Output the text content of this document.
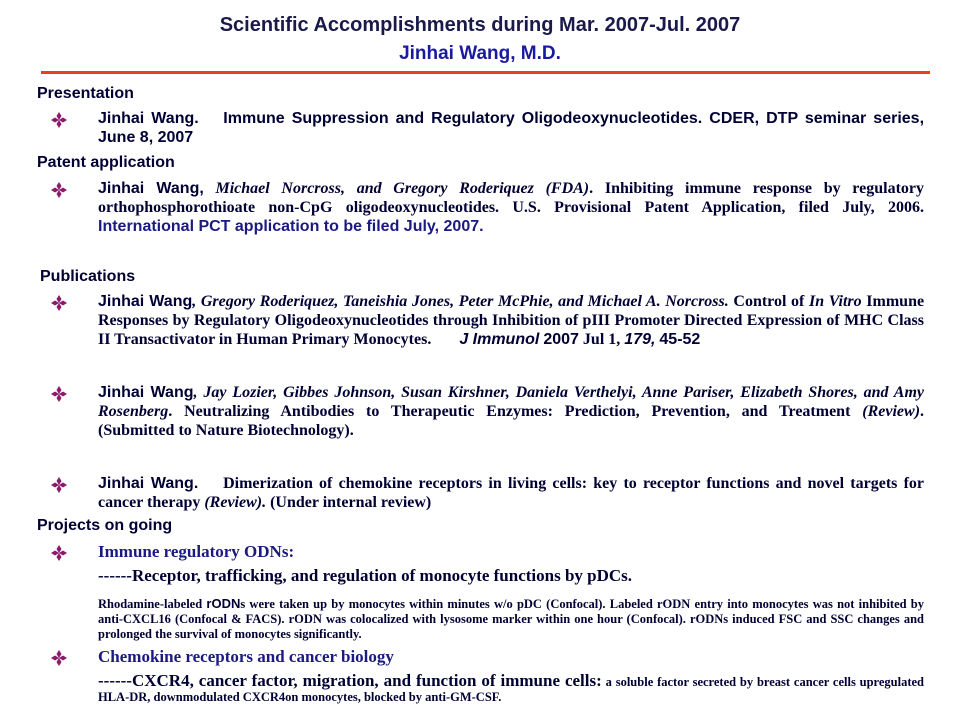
Scientific Accomplishments during Mar. 2007-Jul. 2007
Jinhai Wang, M.D.
Presentation
Jinhai Wang. Immune Suppression and Regulatory Oligodeoxynucleotides. CDER, DTP seminar series, June 8, 2007
Patent application
Jinhai Wang, Michael Norcross, and Gregory Roderiquez (FDA). Inhibiting immune response by regulatory orthophosphorothioate non-CpG oligodeoxynucleotides. U.S. Provisional Patent Application, filed July, 2006. International PCT application to be filed July, 2007.
Publications
Jinhai Wang, Gregory Roderiquez, Taneishia Jones, Peter McPhie, and Michael A. Norcross. Control of In Vitro Immune Responses by Regulatory Oligodeoxynucleotides through Inhibition of pIII Promoter Directed Expression of MHC Class II Transactivator in Human Primary Monocytes. J Immunol 2007 Jul 1, 179, 45-52
Jinhai Wang, Jay Lozier, Gibbes Johnson, Susan Kirshner, Daniela Verthelyi, Anne Pariser, Elizabeth Shores, and Amy Rosenberg. Neutralizing Antibodies to Therapeutic Enzymes: Prediction, Prevention, and Treatment (Review). (Submitted to Nature Biotechnology).
Jinhai Wang. Dimerization of chemokine receptors in living cells: key to receptor functions and novel targets for cancer therapy (Review). (Under internal review)
Projects on going
Immune regulatory ODNs:
------Receptor, trafficking, and regulation of monocyte functions by pDCs.
Rhodamine-labeled rODNs were taken up by monocytes within minutes w/o pDC (Confocal). Labeled rODN entry into monocytes was not inhibited by anti-CXCL16 (Confocal & FACS). rODN was colocalized with lysosome marker within one hour (Confocal). rODNs induced FSC and SSC changes and prolonged the survival of monocytes significantly.
Chemokine receptors and cancer biology
------CXCR4, cancer factor, migration, and function of immune cells: a soluble factor secreted by breast cancer cells upregulated HLA-DR, downmodulated CXCR4on monocytes, blocked by anti-GM-CSF.
